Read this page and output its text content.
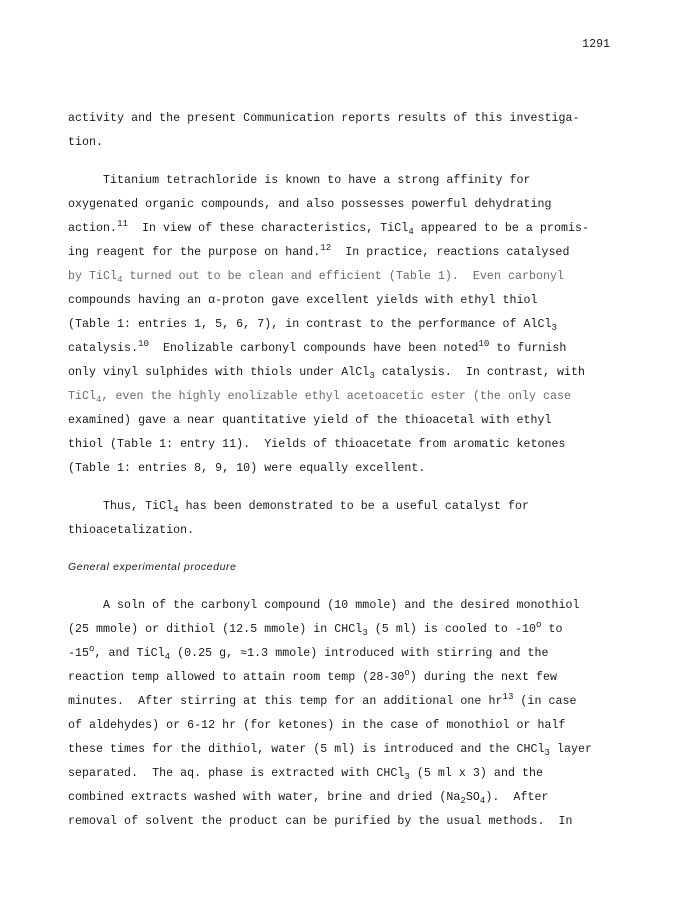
1291
activity and the present Communication reports results of this investiga-
tion.
Titanium tetrachloride is known to have a strong affinity for
oxygenated organic compounds, and also possesses powerful dehydrating
action.$^{11}$  In view of these characteristics, TiCl$_4$ appeared to be a promis-
ing reagent for the purpose on hand.$^{12}$  In practice, reactions catalysed
by TiCl$_4$ turned out to be clean and efficient (Table 1).  Even carbonyl
compounds having an α-proton gave excellent yields with ethyl thiol
(Table 1: entries 1, 5, 6, 7), in contrast to the performance of AlCl$_3$
catalysis.$^{10}$  Enolizable carbonyl compounds have been noted$^{10}$ to furnish
only vinyl sulphides with thiols under AlCl$_3$ catalysis.  In contrast, with
TiCl$_4$, even the highly enolizable ethyl acetoacetic ester (the only case
examined) gave a near quantitative yield of the thioacetal with ethyl
thiol (Table 1: entry 11).  Yields of thioacetate from aromatic ketones
(Table 1: entries 8, 9, 10) were equally excellent.
Thus, TiCl$_4$ has been demonstrated to be a useful catalyst for
thioacetalization.
General experimental procedure
A soln of the carbonyl compound (10 mmole) and the desired monothiol
(25 mmole) or dithiol (12.5 mmole) in CHCl$_3$ (5 ml) is cooled to -10$^o$ to
-15$^o$, and TiCl$_4$ (0.25 g, ≈1.3 mmole) introduced with stirring and the
reaction temp allowed to attain room temp (28-30$^o$) during the next few
minutes.  After stirring at this temp for an additional one $hr^{13}$ (in case
of aldehydes) or 6-12 hr (for ketones) in the case of monothiol or half
these times for the dithiol, water (5 ml) is introduced and the CHCl$_3$ layer
separated.  The aq. phase is extracted with CHCl$_3$ (5 ml x 3) and the
combined extracts washed with water, brine and dried $(Na_2SO_4)$.  After
removal of solvent the product can be purified by the usual methods.  In
